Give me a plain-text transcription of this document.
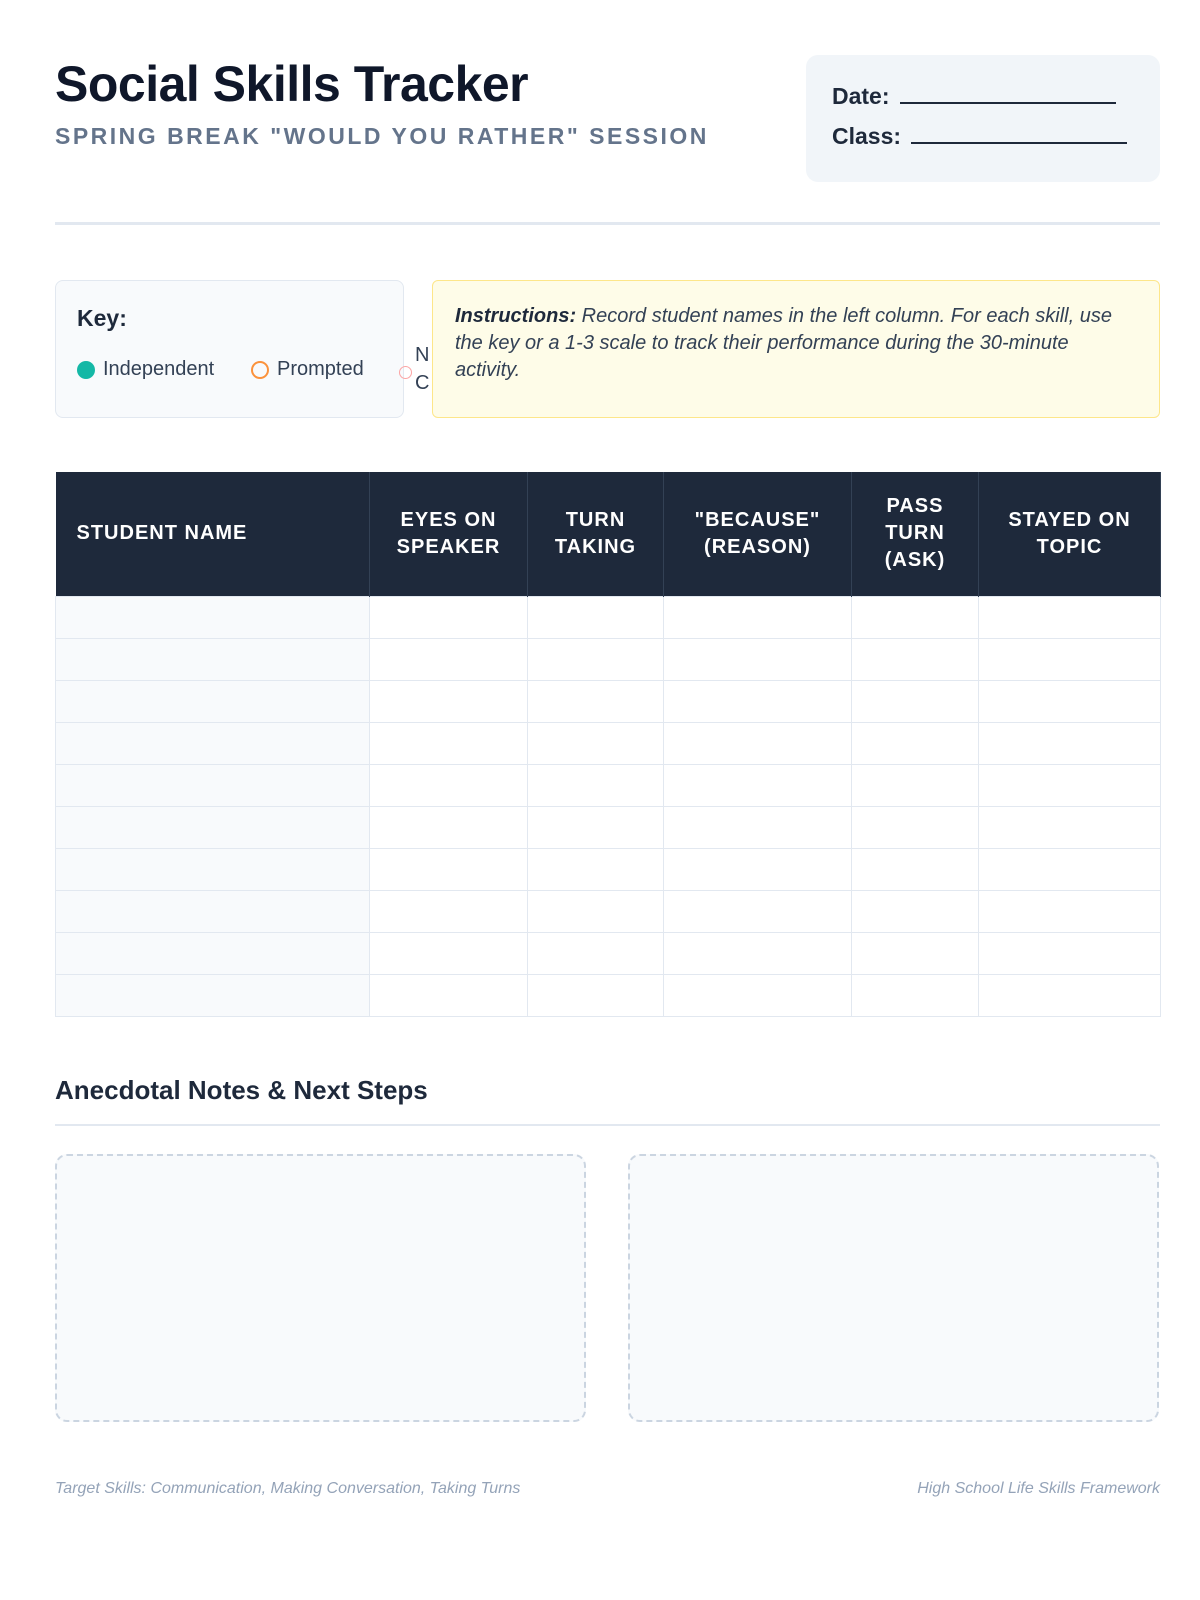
Social Skills Tracker
SPRING BREAK "WOULD YOU RATHER" SESSION
Date:
Class:
Key:
Independent	Prompted
NC
Instructions: Record student names in the left column. For each skill, use the key or a 1-3 scale to track their performance during the 30-minute activity.
STUDENT NAME	EYES ON SPEAKER	TURN TAKING	"BECAUSE" (REASON)	PASS TURN (ASK)	STAYED ON TOPIC

Anecdotal Notes & Next Steps
Target Skills: Communication, Making Conversation, Taking Turns	High School Life Skills Framework
